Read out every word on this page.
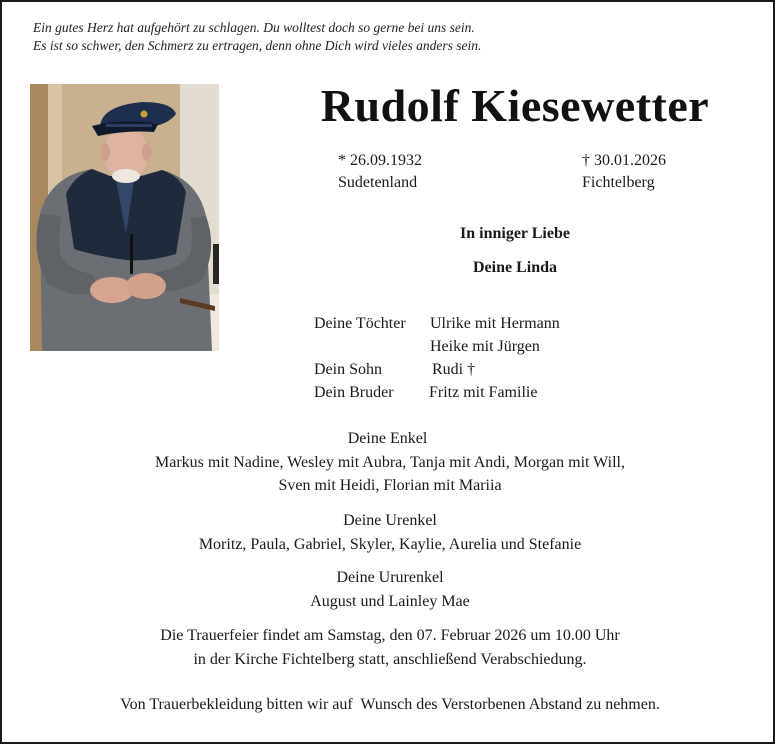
Ein gutes Herz hat aufgehört zu schlagen. Du wolltest doch so gerne bei uns sein.
Es ist so schwer, den Schmerz zu ertragen, denn ohne Dich wird vieles anders sein.
Rudolf Kiesewetter
* 26.09.1932
Sudetenland
† 30.01.2026
Fichtelberg
In inniger Liebe
Deine Linda
Deine Töchter Ulrike mit Hermann
Heike mit Jürgen
Dein Sohn	Rudi †
Dein Bruder Fritz mit Familie
Deine Enkel
Markus mit Nadine, Wesley mit Aubra, Tanja mit Andi, Morgan mit Will,
Sven mit Heidi, Florian mit Mariia
Deine Urenkel
Moritz, Paula, Gabriel, Skyler, Kaylie, Aurelia und Stefanie
Deine Ururenkel
August und Lainley Mae
Die Trauerfeier findet am Samstag, den 07. Februar 2026 um 10.00 Uhr
in der Kirche Fichtelberg statt, anschließend Verabschiedung.
Von Trauerbekleidung bitten wir auf  Wunsch des Verstorbenen Abstand zu nehmen.
